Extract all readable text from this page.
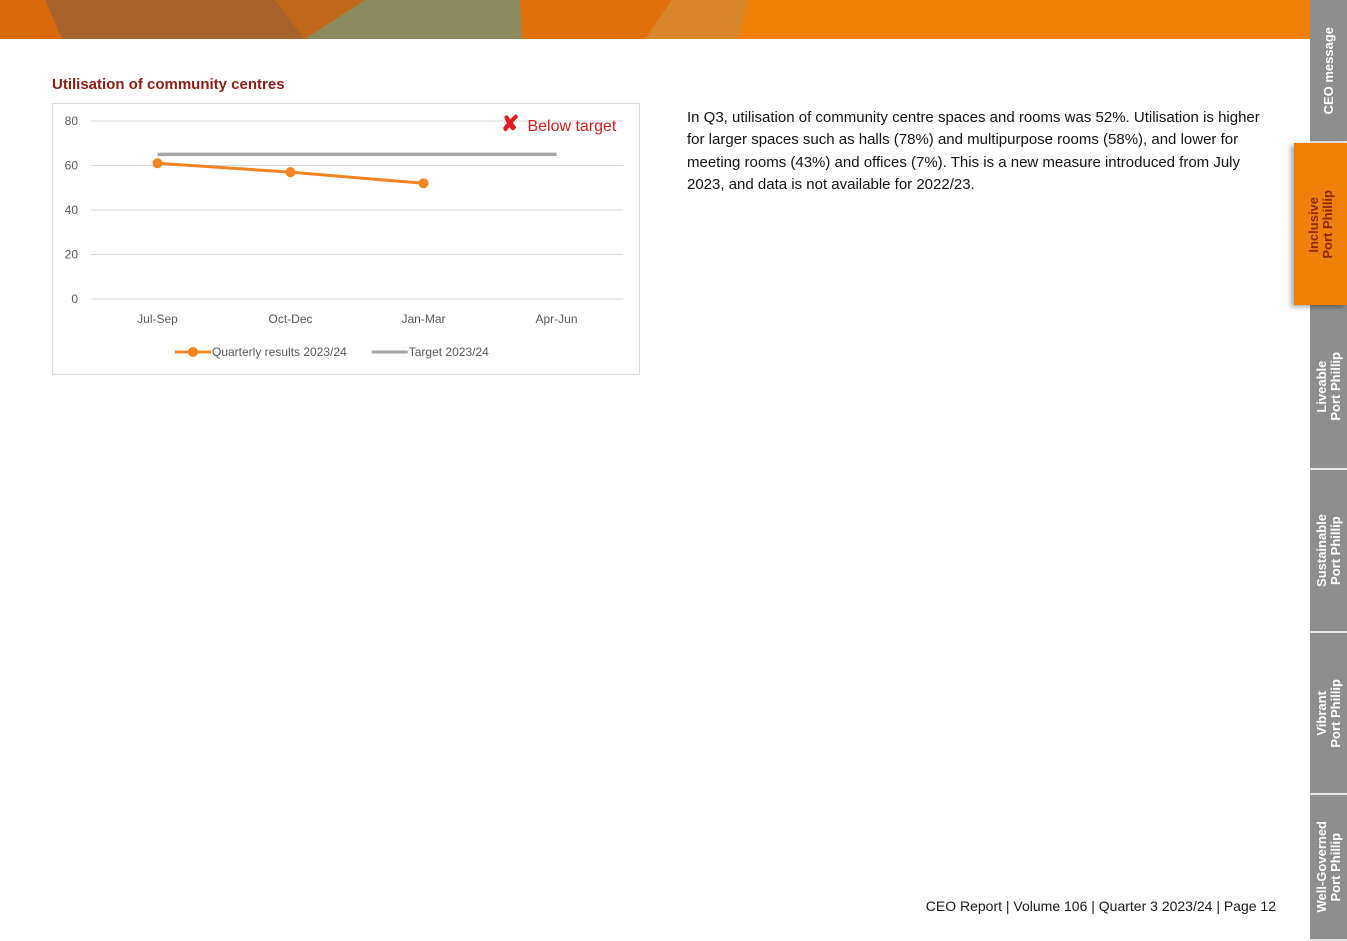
Utilisation of community centres
0
20
40
60
80
Jul-Sep	Oct-Dec	Jan-Mar	Apr-Jun
Quarterly results 2023/24	Target 2023/24
✘ Below target

In Q3, utilisation of community centre spaces and rooms was 52%. Utilisation is higher for larger spaces such as halls (78%) and multipurpose rooms (58%), and lower for meeting rooms (43%) and offices (7%). This is a new measure introduced from July 2023, and data is not available for 2022/23.

CEO Report | Volume 106 | Quarter 3 2023/24 | Page 12
CEO message
Inclusive
Port Phillip
Liveable
Port Phillip
Sustainable
Port Phillip
Vibrant
Port Phillip
Well-Governed
Port Phillip
